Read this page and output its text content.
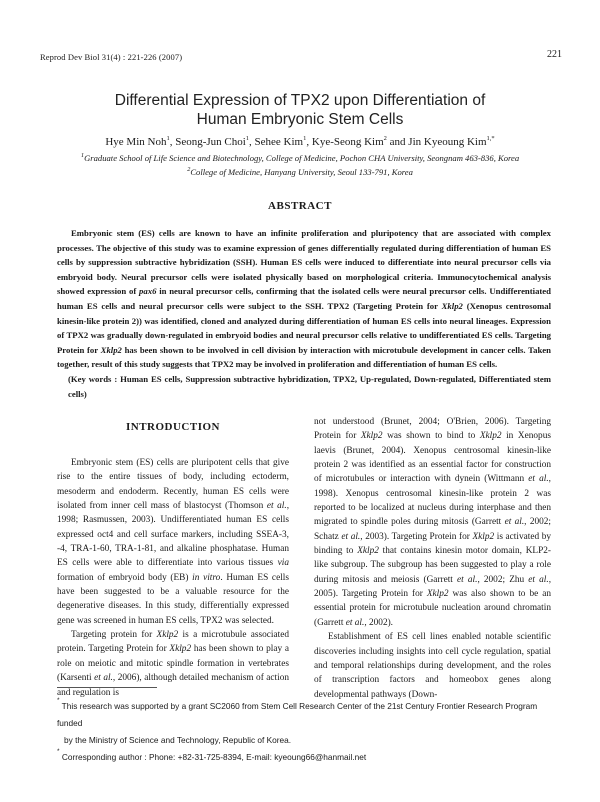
Reprod Dev Biol 31(4) : 221-226 (2007)	221
Differential Expression of TPX2 upon Differentiation of
Human Embryonic Stem Cells
Hye Min Noh$^1$, Seong-Jun Choi$^1$, Sehee Kim$^1$, Kye-Seong Kim$^2$ and Jin Kyeoung Kim$^{1,*}$
$^1$Graduate School of Life Science and Biotechnology, College of Medicine, Pochon CHA University, Seongnam 463-836, Korea
$^2$College of Medicine, Hanyang University, Seoul 133-791, Korea
ABSTRACT
Embryonic stem (ES) cells are known to have an infinite proliferation and pluripotency that are associated with complex processes. The objective of this study was to examine expression of genes differentially regulated during differentiation of human ES cells by suppression subtractive hybridization (SSH). Human ES cells were induced to differentiate into neural precursor cells via embryoid body. Neural precursor cells were isolated physically based on morphological criteria. Immunocytochemical analysis showed expression of pax6 in neural precursor cells, confirming that the isolated cells were neural precursor cells. Undifferentiated human ES cells and neural precursor cells were subject to the SSH. TPX2 (Targeting Protein for Xklp2 (Xenopus centrosomal kinesin-like protein 2)) was identified, cloned and analyzed during differentiation of human ES cells into neural lineages. Expression of TPX2 was gradually down-regulated in embryoid bodies and neural precursor cells relative to undifferentiated ES cells. Targeting Protein for Xklp2 has been shown to be involved in cell division by interaction with microtubule development in cancer cells. Taken together, result of this study suggests that TPX2 may be involved in proliferation and differentiation of human ES cells.
(Key words : Human ES cells, Suppression subtractive hybridization, TPX2, Up-regulated, Down-regulated, Differentiated stem cells)
INTRODUCTION

Embryonic stem (ES) cells are pluripotent cells that give rise to the entire tissues of body, including ectoderm, mesoderm and endoderm. Recently, human ES cells were isolated from inner cell mass of blastocyst (Thomson et al., 1998; Rasmussen, 2003). Undifferentiated human ES cells expressed oct4 and cell surface markers, including SSEA-3, -4, TRA-1-60, TRA-1-81, and alkaline phosphatase. Human ES cells were able to differentiate into various tissues via formation of embryoid body (EB) in vitro. Human ES cells have been suggested to be a valuable resource for the degenerative diseases. In this study, differentially expressed gene was screened in human ES cells, TPX2 was selected.

Targeting protein for Xklp2 is a microtubule associated protein. Targeting Protein for Xklp2 has been shown to play a role on meiotic and mitotic spindle formation in vertebrates (Karsenti et al., 2006), although detailed mechanism of action and regulation is

not understood (Brunet, 2004; O'Brien, 2006). Targeting Protein for Xklp2 was shown to bind to Xklp2 in Xenopus laevis (Brunet, 2004). Xenopus centrosomal kinesin-like protein 2 was identified as an essential factor for construction of microtubules or interaction with dynein (Wittmann et al., 1998). Xenopus centrosomal kinesin-like protein 2 was reported to be localized at nucleus during interphase and then migrated to spindle poles during mitosis (Garrett et al., 2002; Schatz et al., 2003). Targeting Protein for Xklp2 is activated by binding to Xklp2 that contains kinesin motor domain, KLP2-like subgroup. The subgroup has been suggested to play a role during mitosis and meiosis (Garrett et al., 2002; Zhu et al., 2005). Targeting Protein for Xklp2 was also shown to be an essential protein for microtubule nucleation around chromatin (Garrett et al., 2002).

Establishment of ES cell lines enabled notable scientific discoveries including insights into cell cycle regulation, spatial and temporal relationships during development, and the roles of transcription factors and homeobox genes along developmental pathways (Down-

* This research was supported by a grant SC2060 from Stem Cell Research Center of the 21st Century Frontier Research Program funded
by the Ministry of Science and Technology, Republic of Korea.
* Corresponding author : Phone: +82-31-725-8394, E-mail: kyeoung66@hanmail.net
